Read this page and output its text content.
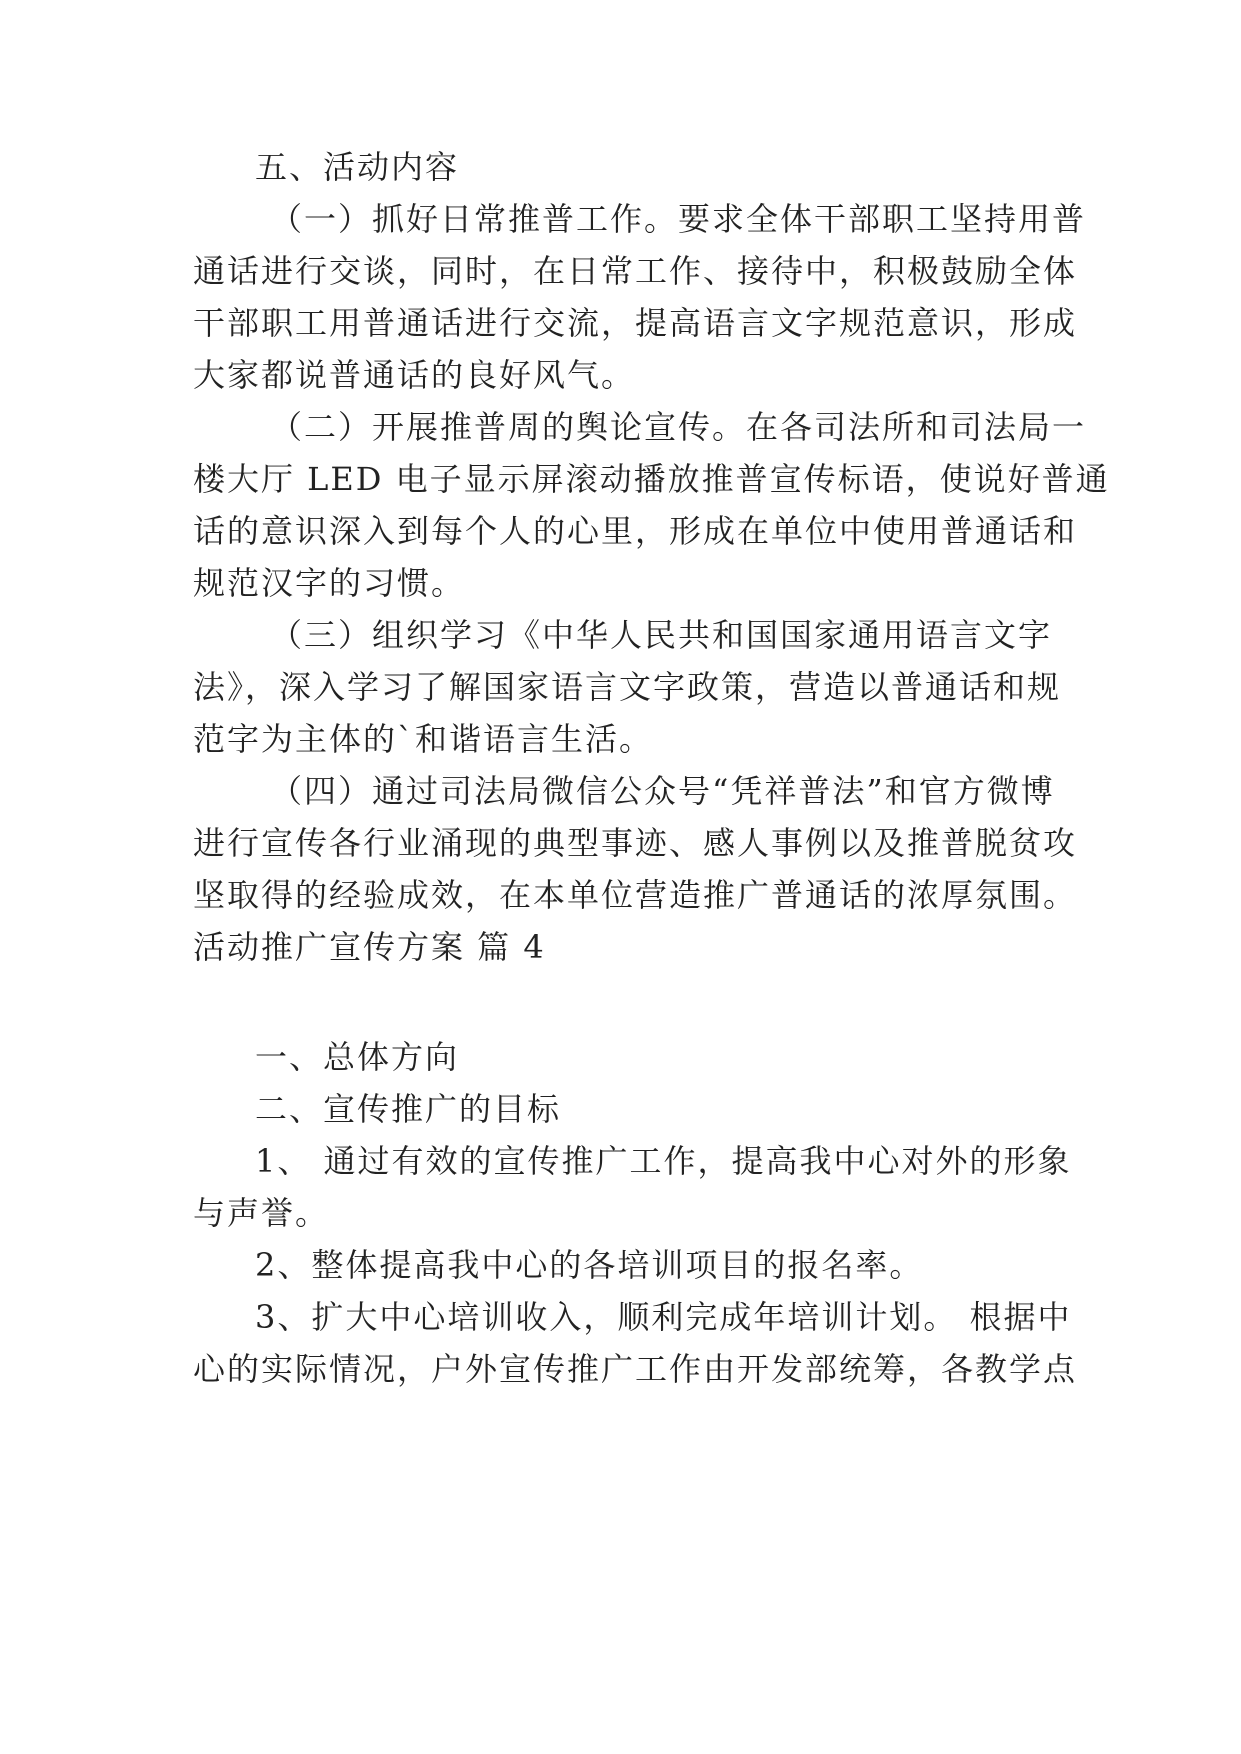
五、活动内容

（一）抓好日常推普工作。要求全体干部职工坚持用普

通话进行交谈，同时，在日常工作、接待中，积极鼓励全体

干部职工用普通话进行交流，提高语言文字规范意识，形成

大家都说普通话的良好风气。

（二）开展推普周的舆论宣传。在各司法所和司法局一

楼大厅 LED 电子显示屏滚动播放推普宣传标语，使说好普通

话的意识深入到每个人的心里，形成在单位中使用普通话和

规范汉字的习惯。

（三）组织学习《中华人民共和国国家通用语言文字

法》，深入学习了解国家语言文字政策，营造以普通话和规

范字为主体的`和谐语言生活。

（四）通过司法局微信公众号“凭祥普法”和官方微博

进行宣传各行业涌现的典型事迹、感人事例以及推普脱贫攻

坚取得的经验成效，在本单位营造推广普通话的浓厚氛围。

活动推广宣传方案 篇 4

一、总体方向

二、宣传推广的目标

1、 通过有效的宣传推广工作，提高我中心对外的形象

与声誉。

2、整体提高我中心的各培训项目的报名率。

3、扩大中心培训收入，顺利完成年培训计划。 根据中

心的实际情况，户外宣传推广工作由开发部统筹，各教学点
